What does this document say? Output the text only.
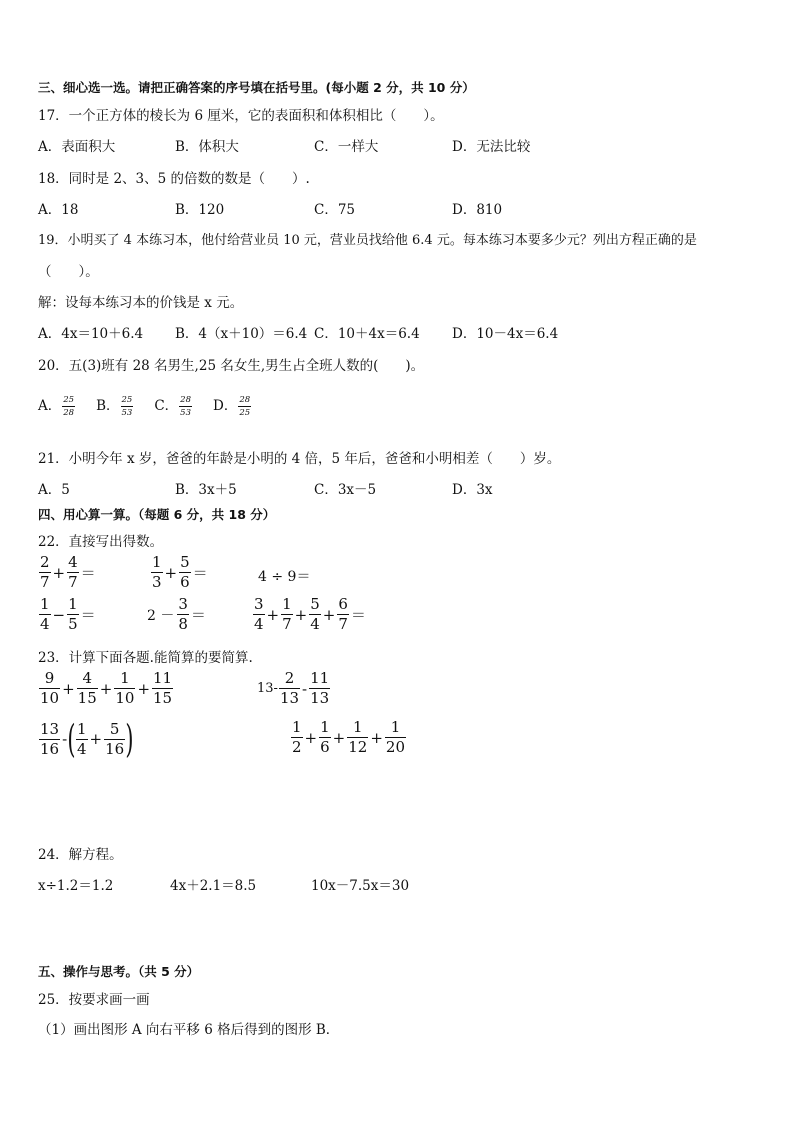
三、细心选一选。请把正确答案的序号填在括号里。(每小题 2 分，共 10 分）
17．一个正方体的棱长为 6 厘米，它的表面积和体积相比（　　）。
A．表面积大	B．体积大	C．一样大	D．无法比较
18．同时是 2、3、5 的倍数的数是（　　）.
A．18	B．120	C．75	D．810
19．小明买了 4 本练习本，他付给营业员 10 元，营业员找给他 6.4 元。每本练习本要多少元？列出方程正确的是
（　　）。
解：设每本练习本的价钱是 x 元。
A．4x＝10＋6.4 B．4（x＋10）＝6.4 C．10＋4x＝6.4 D．10－4x＝6.4
20．五(3)班有 28 名男生,25 名女生,男生占全班人数的(　　)。
A． $\frac{25}{28}$ B． $\frac{25}{53}$ C． $\frac{28}{53}$ D． $\frac{28}{25}$
21．小明今年 x 岁，爸爸的年龄是小明的 4 倍，5 年后，爸爸和小明相差（　　）岁。
A．5	B．3x＋5	C．3x－5	D．3x
四、用心算一算。（每题 6 分，共 18 分）
22．直接写出得数。
$\frac{2}{7} + \frac{4}{7}$ ＝	$\frac{1}{3} + \frac{5}{6}$ ＝	4 ÷ 9＝
$\frac{1}{4} - \frac{1}{5}$ ＝	$2 - \frac{3}{8}$ ＝	$\frac{3}{4} + \frac{1}{7} + \frac{5}{4} + \frac{6}{7}$ ＝
23．计算下面各题.能简算的要简算.
$\frac{9}{10} + \frac{4}{15} + \frac{1}{10} + \frac{11}{15}$	$13- \frac{2}{13} - \frac{11}{13}$
$\frac{13}{16}$ - ( $\frac{1}{4} + \frac{5}{16}$ )	$\frac{1}{2} + \frac{1}{6} + \frac{1}{12} + \frac{1}{20}$
24．解方程。
x÷1.2＝1.2	4x＋2.1＝8.5	10x－7.5x＝30
五、操作与思考。（共 5 分）
25．按要求画一画
（1）画出图形 A 向右平移 6 格后得到的图形 B．
